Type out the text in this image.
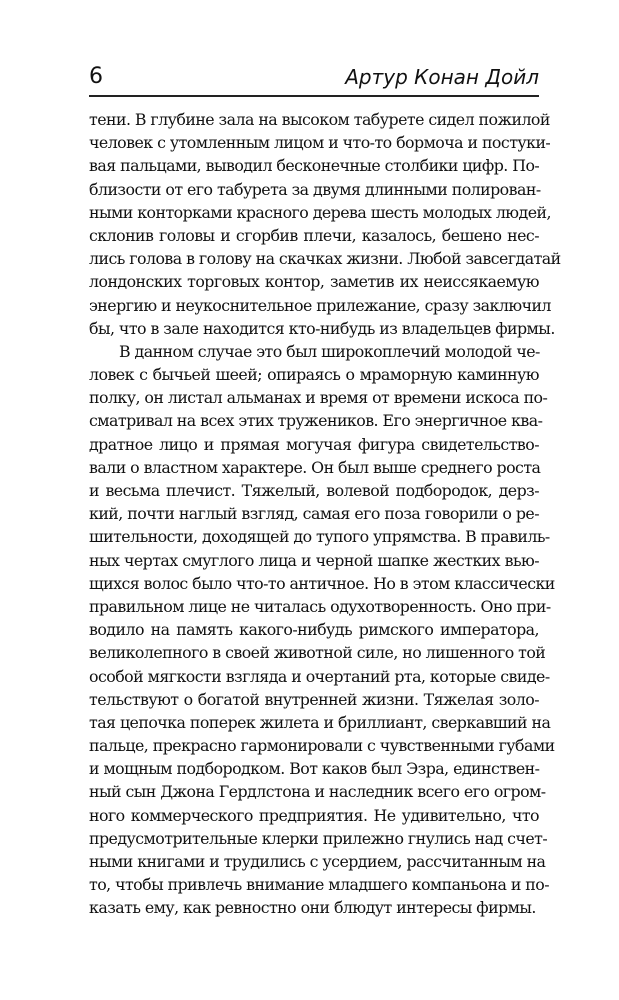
6	Артур Конан Дойл
тени. В глубине зала на высоком табурете сидел пожилой
человек с утомленным лицом и что-то бормоча и постуки-
вая пальцами, выводил бесконечные столбики цифр. По-
близости от его табурета за двумя длинными полирован-
ными конторками красного дерева шесть молодых людей,
склонив головы и сгорбив плечи, казалось, бешено нес-
лись голова в голову на скачках жизни. Любой завсегдатай
лондонских торговых контор, заметив их неиссякаемую
энергию и неукоснительное прилежание, сразу заключил
бы, что в зале находится кто-нибудь из владельцев фирмы.
В данном случае это был широкоплечий молодой че-
ловек с бычьей шеей; опираясь о мраморную каминную
полку, он листал альманах и время от времени искоса по-
сматривал на всех этих тружеников. Его энергичное ква-
дратное лицо и прямая могучая фигура свидетельство-
вали о властном характере. Он был выше среднего роста
и весьма плечист. Тяжелый, волевой подбородок, дерз-
кий, почти наглый взгляд, самая его поза говорили о ре-
шительности, доходящей до тупого упрямства. В правиль-
ных чертах смуглого лица и черной шапке жестких вью-
щихся волос было что-то античное. Но в этом классически
правильном лице не читалась одухотворенность. Оно при-
водило на память какого-нибудь римского императора,
великолепного в своей животной силе, но лишенного той
особой мягкости взгляда и очертаний рта, которые свиде-
тельствуют о богатой внутренней жизни. Тяжелая золо-
тая цепочка поперек жилета и бриллиант, сверкавший на
пальце, прекрасно гармонировали с чувственными губами
и мощным подбородком. Вот каков был Эзра, единствен-
ный сын Джона Гердлстона и наследник всего его огром-
ного коммерческого предприятия. Не удивительно, что
предусмотрительные клерки прилежно гнулись над счет-
ными книгами и трудились с усердием, рассчитанным на
то, чтобы привлечь внимание младшего компаньона и по-
казать ему, как ревностно они блюдут интересы фирмы.
